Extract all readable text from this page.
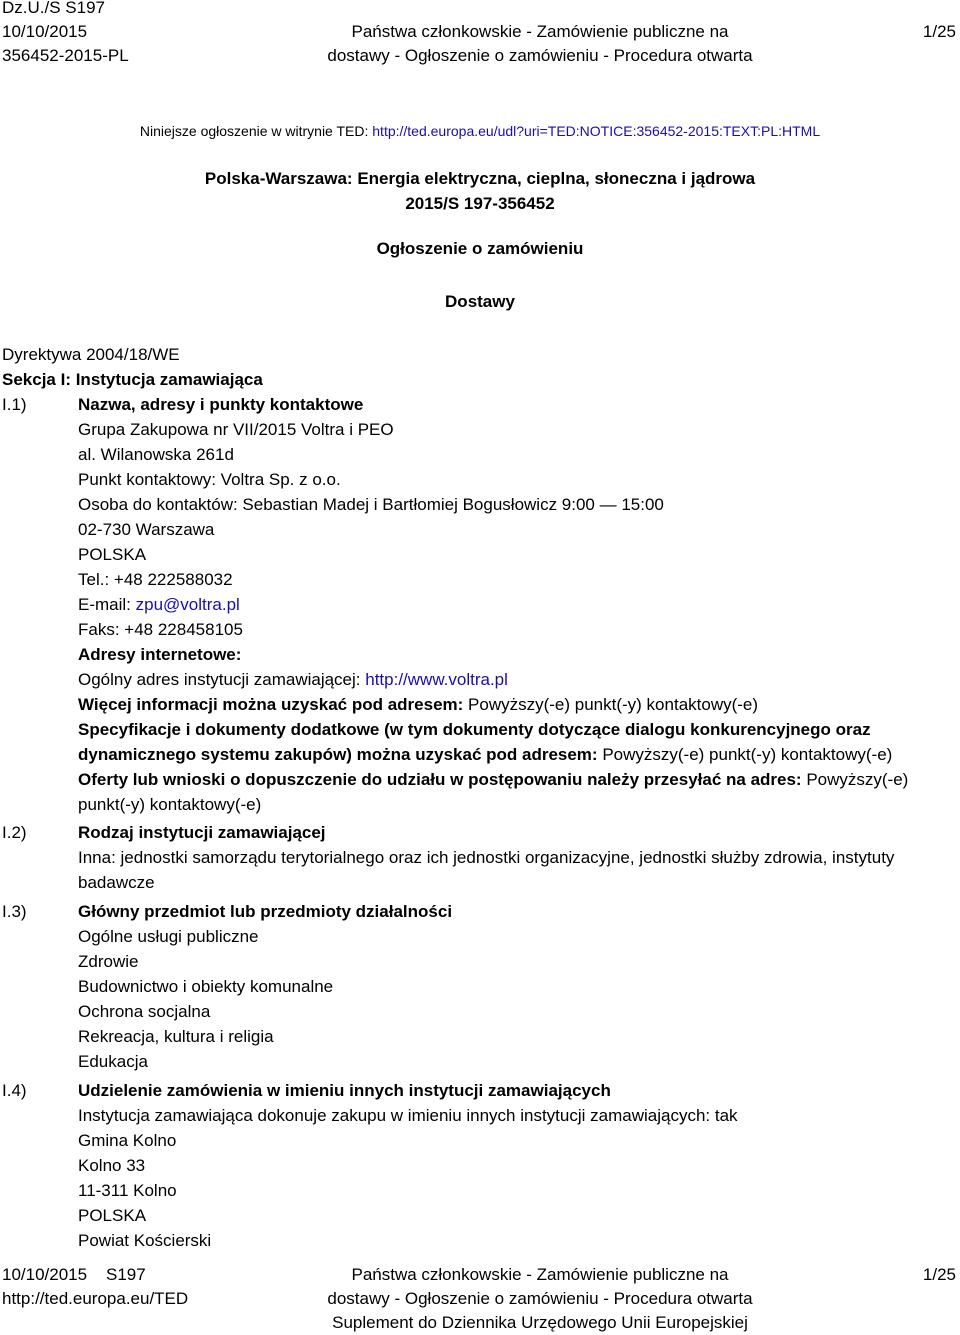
Dz.U./S S197
10/10/2015
356452-2015-PL
Państwa członkowskie - Zamówienie publiczne na
dostawy - Ogłoszenie o zamówieniu - Procedura otwarta
1/25
Niniejsze ogłoszenie w witrynie TED: http://ted.europa.eu/udl?uri=TED:NOTICE:356452-2015:TEXT:PL:HTML
Polska-Warszawa: Energia elektryczna, cieplna, słoneczna i jądrowa
2015/S 197-356452
Ogłoszenie o zamówieniu
Dostawy
Dyrektywa 2004/18/WE
Sekcja I: Instytucja zamawiająca
I.1)	Nazwa, adresy i punkty kontaktowe
Grupa Zakupowa nr VII/2015 Voltra i PEO
al. Wilanowska 261d
Punkt kontaktowy: Voltra Sp. z o.o.
Osoba do kontaktów: Sebastian Madej i Bartłomiej Bogusłowicz 9:00 — 15:00
02-730 Warszawa
POLSKA
Tel.: +48 222588032
E-mail: zpu@voltra.pl
Faks: +48 228458105
Adresy internetowe:
Ogólny adres instytucji zamawiającej: http://www.voltra.pl
Więcej informacji można uzyskać pod adresem: Powyższy(-e) punkt(-y) kontaktowy(-e)
Specyfikacje i dokumenty dodatkowe (w tym dokumenty dotyczące dialogu konkurencyjnego oraz dynamicznego systemu zakupów) można uzyskać pod adresem: Powyższy(-e) punkt(-y) kontaktowy(-e)
Oferty lub wnioski o dopuszczenie do udziału w postępowaniu należy przesyłać na adres: Powyższy(-e) punkt(-y) kontaktowy(-e)
I.2)	Rodzaj instytucji zamawiającej
Inna: jednostki samorządu terytorialnego oraz ich jednostki organizacyjne, jednostki służby zdrowia, instytuty badawcze
I.3)	Główny przedmiot lub przedmioty działalności
Ogólne usługi publiczne
Zdrowie
Budownictwo i obiekty komunalne
Ochrona socjalna
Rekreacja, kultura i religia
Edukacja
I.4)	Udzielenie zamówienia w imieniu innych instytucji zamawiających
Instytucja zamawiająca dokonuje zakupu w imieniu innych instytucji zamawiających: tak
Gmina Kolno
Kolno 33
11-311 Kolno
POLSKA
Powiat Kościerski
10/10/2015    S197
http://ted.europa.eu/TED
Państwa członkowskie - Zamówienie publiczne na
dostawy - Ogłoszenie o zamówieniu - Procedura otwarta
Suplement do Dziennika Urzędowego Unii Europejskiej
1/25
